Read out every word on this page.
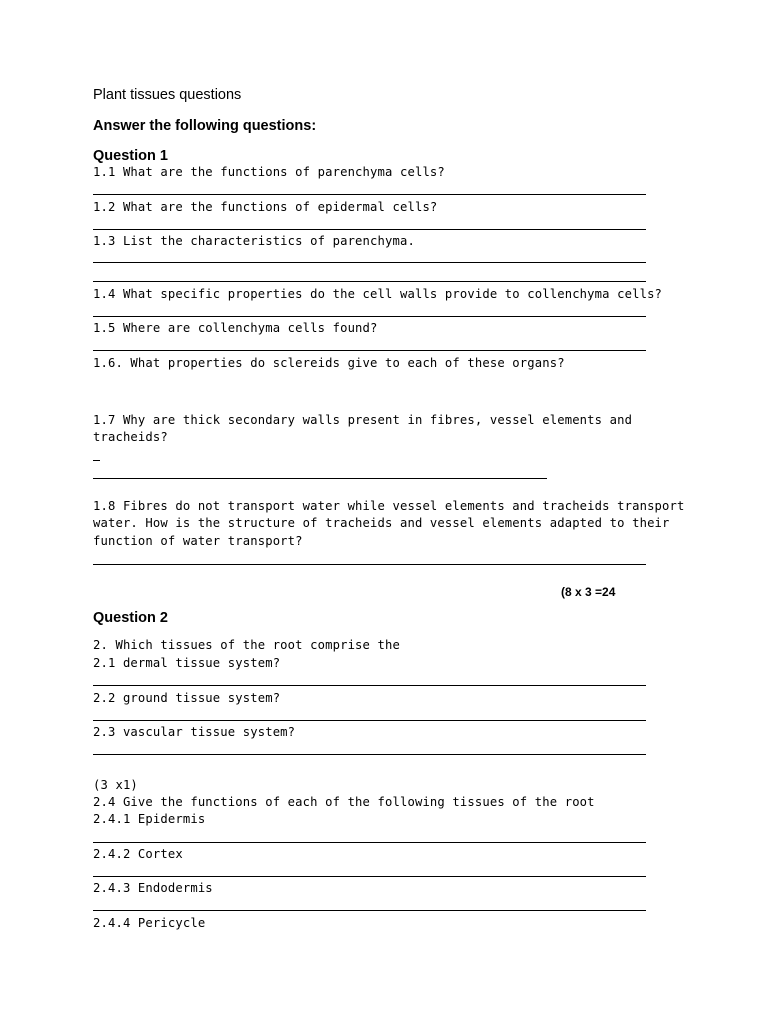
Plant tissues questions
Answer the following questions:
Question 1
1.1 What are the functions of parenchyma cells?
1.2 What are the functions of epidermal cells?
1.3 List the characteristics of parenchyma.
1.4 What specific properties do the cell walls provide to collenchyma cells?
1.5 Where are collenchyma cells found?
1.6. What properties do sclereids give to each of these organs?
1.7 Why are thick secondary walls present in fibres, vessel elements and
tracheids?
1.8 Fibres do not transport water while vessel elements and tracheids transport
water. How is the structure of tracheids and vessel elements adapted to their
function of water transport?
(8 x 3 =24
Question 2
2. Which tissues of the root comprise the
2.1 dermal tissue system?
2.2 ground tissue system?
2.3 vascular tissue system?
(3 x1)
2.4 Give the functions of each of the following tissues of the root
2.4.1 Epidermis
2.4.2 Cortex
2.4.3 Endodermis
2.4.4 Pericycle
